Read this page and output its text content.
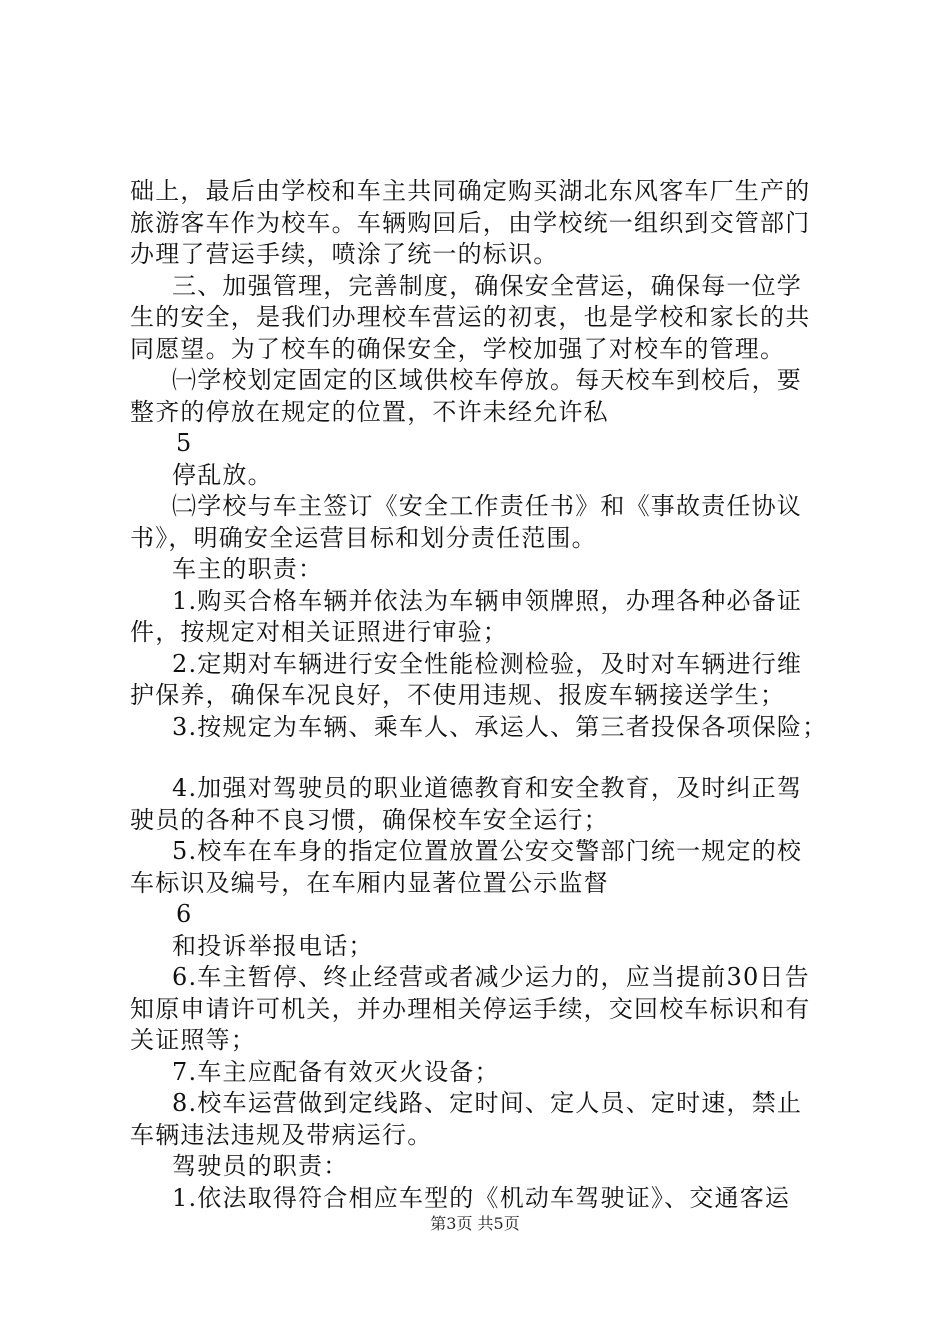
础上，最后由学校和车主共同确定购买湖北东风客车厂生产的
旅游客车作为校车。车辆购回后，由学校统一组织到交管部门
办理了营运手续，喷涂了统一的标识。
三、加强管理，完善制度，确保安全营运，确保每一位学
生的安全，是我们办理校车营运的初衷，也是学校和家长的共
同愿望。为了校车的确保安全，学校加强了对校车的管理。
㈠学校划定固定的区域供校车停放。每天校车到校后，要
整齐的停放在规定的位置，不许未经允许私
5
停乱放。
㈡学校与车主签订《安全工作责任书》和《事故责任协议
书》，明确安全运营目标和划分责任范围。
车主的职责：
1.购买合格车辆并依法为车辆申领牌照，办理各种必备证
件，按规定对相关证照进行审验；
2.定期对车辆进行安全性能检测检验，及时对车辆进行维
护保养，确保车况良好，不使用违规、报废车辆接送学生；
3.按规定为车辆、乘车人、承运人、第三者投保各项保险；
4.加强对驾驶员的职业道德教育和安全教育，及时纠正驾
驶员的各种不良习惯，确保校车安全运行；
5.校车在车身的指定位置放置公安交警部门统一规定的校
车标识及编号，在车厢内显著位置公示监督
6
和投诉举报电话；
6.车主暂停、终止经营或者减少运力的，应当提前30日告
知原申请许可机关，并办理相关停运手续，交回校车标识和有
关证照等；
7.车主应配备有效灭火设备；
8.校车运营做到定线路、定时间、定人员、定时速，禁止
车辆违法违规及带病运行。
驾驶员的职责：
1.依法取得符合相应车型的《机动车驾驶证》、交通客运
第3页 共5页
